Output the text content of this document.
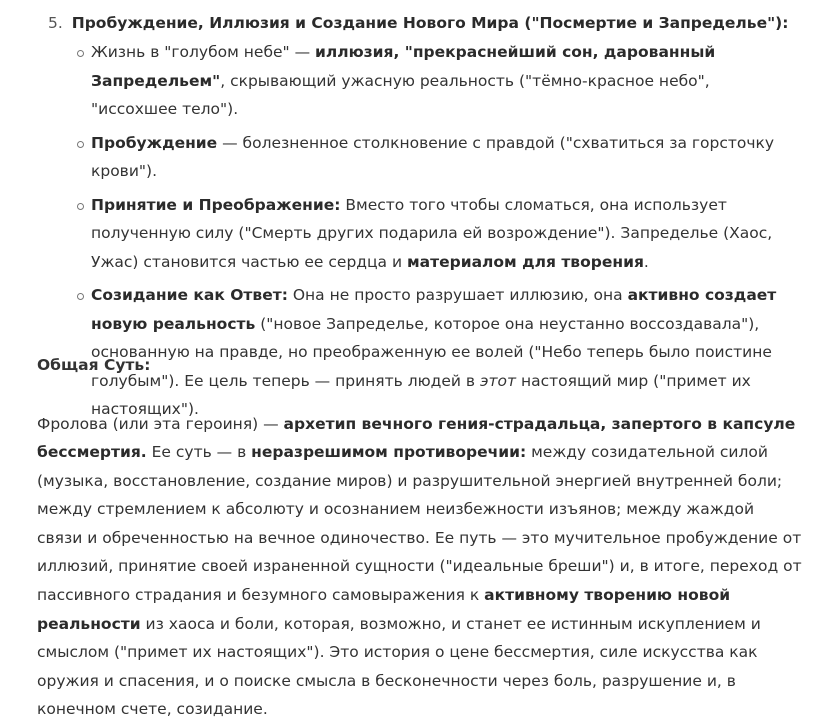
5. Пробуждение, Иллюзия и Создание Нового Мира ("Посмертие и Запределье"):
Жизнь в "голубом небе" — иллюзия, "прекраснейший сон, дарованный Запредельем", скрывающий ужасную реальность ("тёмно-красное небо", "иссохшее тело").
Пробуждение — болезненное столкновение с правдой ("схватиться за горсточку крови").
Принятие и Преображение: Вместо того чтобы сломаться, она использует полученную силу ("Смерть других подарила ей возрождение"). Запределье (Хаос, Ужас) становится частью ее сердца и материалом для творения.
Созидание как Ответ: Она не просто разрушает иллюзию, она активно создает новую реальность ("новое Запределье, которое она неустанно воссоздавала"), основанную на правде, но преображенную ее волей ("Небо теперь было поистине голубым"). Ее цель теперь — принять людей в этот настоящий мир ("примет их настоящих").
Общая Суть:

Фролова (или эта героиня) — архетип вечного гения-страдальца, запертого в капсуле бессмертия. Ее суть — в неразрешимом противоречии: между созидательной силой (музыка, восстановление, создание миров) и разрушительной энергией внутренней боли; между стремлением к абсолюту и осознанием неизбежности изъянов; между жаждой связи и обреченностью на вечное одиночество. Ее путь — это мучительное пробуждение от иллюзий, принятие своей израненной сущности ("идеальные бреши") и, в итоге, переход от пассивного страдания и безумного самовыражения к активному творению новой реальности из хаоса и боли, которая, возможно, и станет ее истинным искуплением и смыслом ("примет их настоящих"). Это история о цене бессмертия, силе искусства как оружия и спасения, и о поиске смысла в бесконечности через боль, разрушение и, в конечном счете, созидание.
